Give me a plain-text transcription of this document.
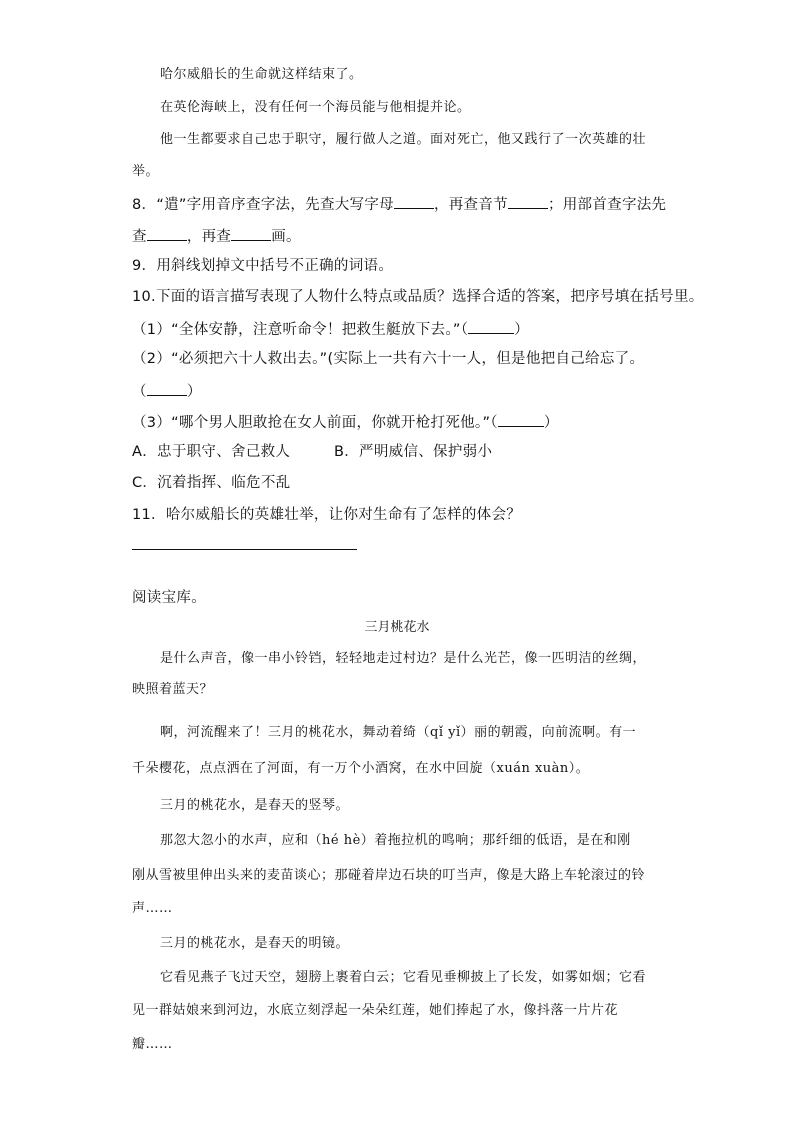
哈尔威船长的生命就这样结束了。
在英伦海峡上，没有任何一个海员能与他相提并论。
他一生都要求自己忠于职守，履行做人之道。面对死亡，他又践行了一次英雄的壮
举。
8．“遣”字用音序查字法，先查大写字母	，再查音节	；用部首查字法先
查	，再查	画。
9．用斜线划掉文中括号不正确的词语。
10.下面的语言描写表现了人物什么特点或品质？选择合适的答案，把序号填在括号里。
（1）“全体安静，注意听命令！把救生艇放下去。”（	）
（2）“必须把六十人救出去。”(实际上一共有六十一人，但是他把自己给忘了。
（	）
（3）“哪个男人胆敢抢在女人前面，你就开枪打死他。”（	）
A．忠于职守、舍己救人	B．严明威信、保护弱小
C．沉着指挥、临危不乱
11．哈尔威船长的英雄壮举，让你对生命有了怎样的体会？
阅读宝库。
三月桃花水
是什么声音，像一串小铃铛，轻轻地走过村边？是什么光芒，像一匹明洁的丝绸，
映照着蓝天？
啊，河流醒来了！三月的桃花水，舞动着绮（qǐ yǐ）丽的朝霞，向前流啊。有一
千朵樱花，点点洒在了河面，有一万个小酒窝，在水中回旋（xuán xuàn）。
三月的桃花水，是春天的竖琴。
那忽大忽小的水声，应和（hé hè）着拖拉机的鸣响；那纤细的低语，是在和刚
刚从雪被里伸出头来的麦苗谈心；那碰着岸边石块的叮当声，像是大路上车轮滚过的铃
声……
三月的桃花水，是春天的明镜。
它看见燕子飞过天空，翅膀上裹着白云；它看见垂柳披上了长发，如雾如烟；它看
见一群姑娘来到河边，水底立刻浮起一朵朵红莲，她们捧起了水，像抖落一片片花
瓣……
